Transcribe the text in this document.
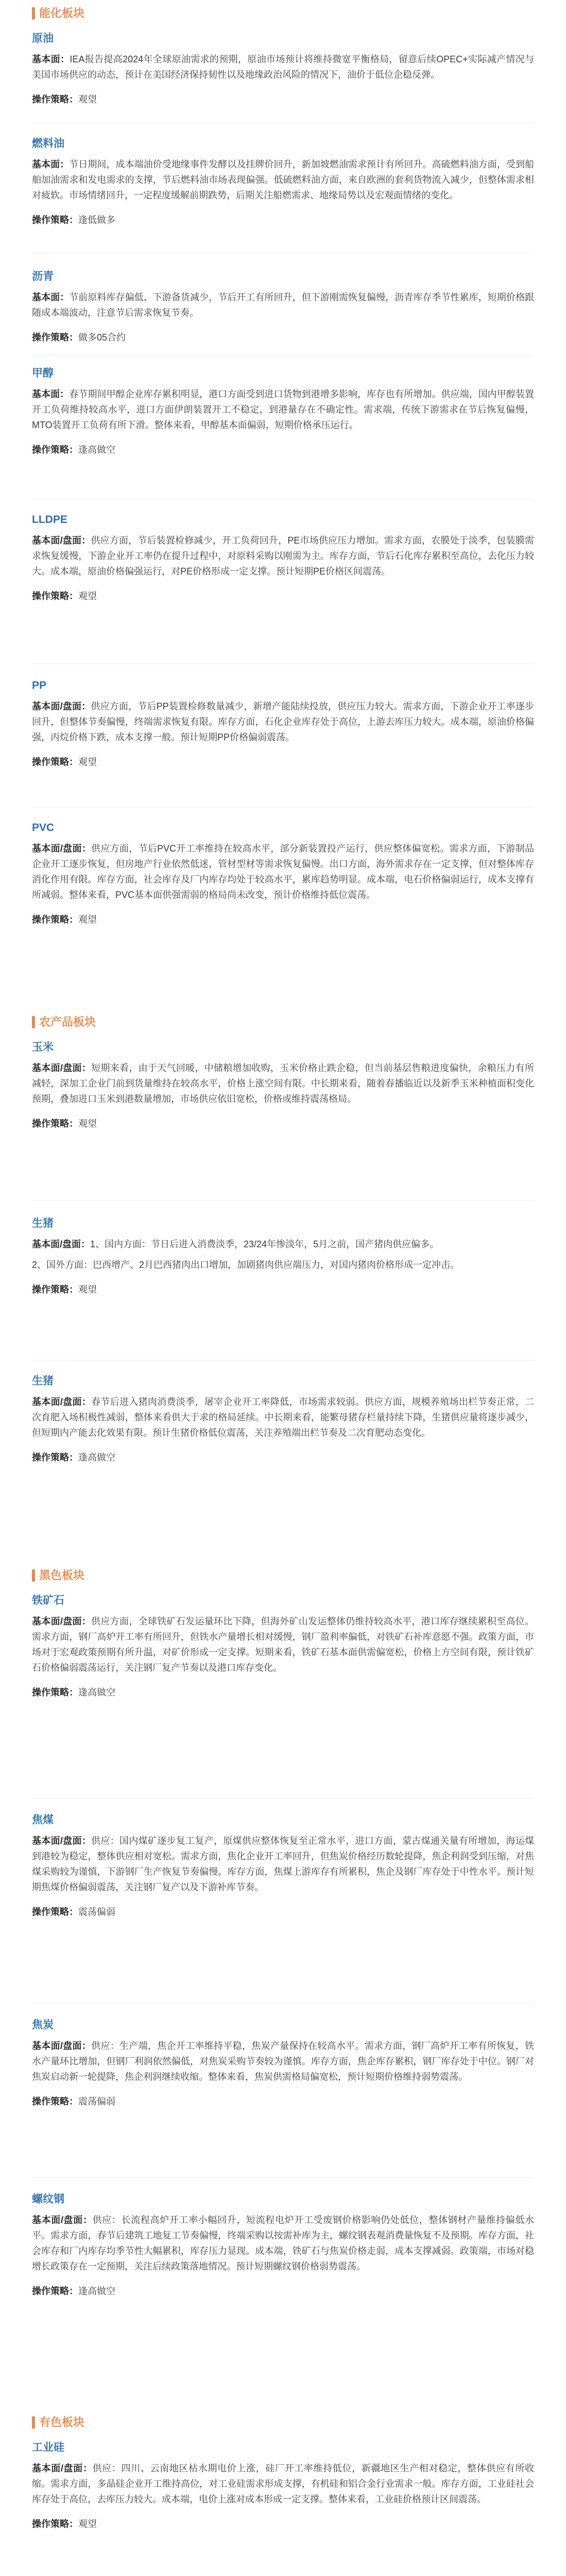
能化板块
原油

基本面：IEA报告提高2024年全球原油需求的预期，原油市场预计将维持微宽平衡格局，留意后续OPEC+实际减产情况与美国市场供应的动态，预计在美国经济保持韧性以及地缘政治风险的情况下，油价于低位企稳反弹。

操作策略：观望
燃料油

基本面：节日期间，成本端油价受地缘事件发酵以及挂牌价回升，新加坡燃油需求预计有所回升。高硫燃料油方面，受到船舶加油需求和发电需求的支撑，节后燃料油市场表现偏强。低硫燃料油方面，来自欧洲的套利货物流入减少，但整体需求相对疲软。市场情绪回升，一定程度缓解前期跌势，后期关注船燃需求、地缘局势以及宏观面情绪的变化。

操作策略：逢低做多
沥青

基本面：节前原料库存偏低、下游备货减少，节后开工有所回升，但下游刚需恢复偏慢，沥青库存季节性累库，短期价格跟随成本端波动，注意节后需求恢复节奏。

操作策略：做多05合约
甲醇

基本面：春节期间甲醇企业库存累积明显，港口方面受到进口货物到港增多影响，库存也有所增加。供应端，国内甲醇装置开工负荷维持较高水平，进口方面伊朗装置开工不稳定，到港量存在不确定性。需求端，传统下游需求在节后恢复偏慢，MTO装置开工负荷有所下滑。整体来看，甲醇基本面偏弱，短期价格承压运行。

操作策略：逢高做空
LLDPE

基本面/盘面：供应方面，节后装置检修减少，开工负荷回升，PE市场供应压力增加。需求方面，农膜处于淡季，包装膜需求恢复缓慢，下游企业开工率仍在提升过程中，对原料采购以刚需为主。库存方面，节后石化库存累积至高位，去化压力较大。成本端，原油价格偏强运行，对PE价格形成一定支撑。预计短期PE价格区间震荡。

操作策略：观望
PP

基本面/盘面：供应方面，节后PP装置检修数量减少，新增产能陆续投放，供应压力较大。需求方面，下游企业开工率逐步回升，但整体节奏偏慢，终端需求恢复有限。库存方面，石化企业库存处于高位，上游去库压力较大。成本端，原油价格偏强，丙烷价格下跌，成本支撑一般。预计短期PP价格偏弱震荡。

操作策略：观望
PVC

基本面/盘面：供应方面，节后PVC开工率维持在较高水平，部分新装置投产运行，供应整体偏宽松。需求方面，下游制品企业开工逐步恢复，但房地产行业依然低迷，管材型材等需求恢复偏慢。出口方面，海外需求存在一定支撑，但对整体库存消化作用有限。库存方面，社会库存及厂内库存均处于较高水平，累库趋势明显。成本端，电石价格偏弱运行，成本支撑有所减弱。整体来看，PVC基本面供强需弱的格局尚未改变，预计价格维持低位震荡。

操作策略：观望
农产品板块
玉米

基本面/盘面：短期来看，由于天气回暖，中储粮增加收购，玉米价格止跌企稳，但当前基层售粮进度偏快，余粮压力有所减轻，深加工企业门前到货量维持在较高水平，价格上涨空间有限。中长期来看，随着春播临近以及新季玉米种植面积变化预期，叠加进口玉米到港数量增加，市场供应依旧宽松，价格或维持震荡格局。

操作策略：观望
生猪

基本面/盘面：1、国内方面：节日后进入消费淡季，23/24年惨淡年，5月之前，国产猪肉供应偏多。

2、国外方面：巴西增产、2月巴西猪肉出口增加，加剧猪肉供应端压力，对国内猪肉价格形成一定冲击。

操作策略：观望
生猪

基本面/盘面：春节后进入猪肉消费淡季，屠宰企业开工率降低，市场需求较弱。供应方面，规模养殖场出栏节奏正常，二次育肥入场积极性减弱，整体来看供大于求的格局延续。中长期来看，能繁母猪存栏量持续下降，生猪供应量将逐步减少，但短期内产能去化效果有限。预计生猪价格低位震荡，关注养殖端出栏节奏及二次育肥动态变化。

操作策略：逢高做空
黑色板块
铁矿石

基本面/盘面：供应方面，全球铁矿石发运量环比下降，但海外矿山发运整体仍维持较高水平，港口库存继续累积至高位。需求方面，钢厂高炉开工率有所回升，但铁水产量增长相对缓慢，钢厂盈利率偏低，对铁矿石补库意愿不强。政策方面，市场对于宏观政策预期有所升温，对矿价形成一定支撑。短期来看，铁矿石基本面供需偏宽松，价格上方空间有限，预计铁矿石价格偏弱震荡运行，关注钢厂复产节奏以及港口库存变化。

操作策略：逢高做空
焦煤

基本面/盘面：供应：国内煤矿逐步复工复产，原煤供应整体恢复至正常水平，进口方面，蒙古煤通关量有所增加，海运煤到港较为稳定，整体供应相对宽松。需求方面，焦化企业开工率回升，但焦炭价格经历数轮提降，焦企利润受到压缩，对焦煤采购较为谨慎，下游钢厂生产恢复节奏偏慢。库存方面，焦煤上游库存有所累积，焦企及钢厂库存处于中性水平。预计短期焦煤价格偏弱震荡，关注钢厂复产以及下游补库节奏。

操作策略：震荡偏弱
焦炭

基本面/盘面：供应：生产端，焦企开工率维持平稳，焦炭产量保持在较高水平。需求方面，钢厂高炉开工率有所恢复，铁水产量环比增加，但钢厂利润依然偏低，对焦炭采购节奏较为谨慎。库存方面，焦企库存累积，钢厂库存处于中位。钢厂对焦炭启动新一轮提降，焦企利润继续收缩。整体来看，焦炭供需格局偏宽松，预计短期价格维持弱势震荡。

操作策略：震荡偏弱
螺纹钢

基本面/盘面：供应：长流程高炉开工率小幅回升，短流程电炉开工受废钢价格影响仍处低位，整体钢材产量维持偏低水平。需求方面，春节后建筑工地复工节奏偏慢，终端采购以按需补库为主，螺纹钢表观消费量恢复不及预期。库存方面，社会库存和厂内库存均季节性大幅累积，库存压力显现。成本端，铁矿石与焦炭价格走弱，成本支撑减弱。政策端，市场对稳增长政策存在一定预期，关注后续政策落地情况。预计短期螺纹钢价格弱势震荡。

操作策略：逢高做空
有色板块
工业硅

基本面/盘面：供应：四川、云南地区枯水期电价上涨，硅厂开工率维持低位，新疆地区生产相对稳定，整体供应有所收缩。需求方面，多晶硅企业开工维持高位，对工业硅需求形成支撑，有机硅和铝合金行业需求一般。库存方面，工业硅社会库存处于高位，去库压力较大。成本端，电价上涨对成本形成一定支撑。整体来看，工业硅价格预计区间震荡。

操作策略：观望
